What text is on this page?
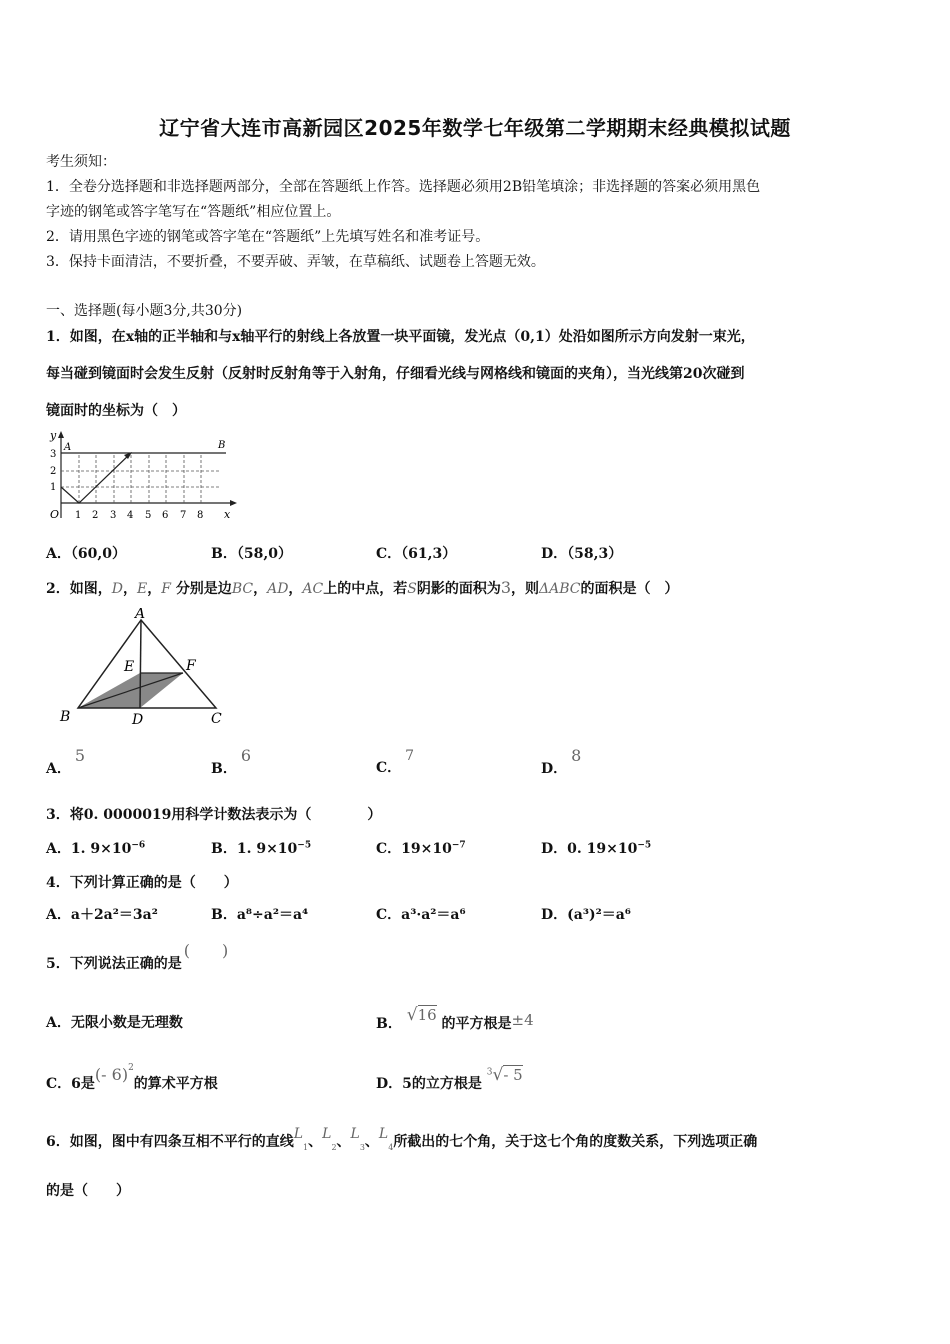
辽宁省大连市高新园区2025年数学七年级第二学期期末经典模拟试题
考生须知：
1．全卷分选择题和非选择题两部分，全部在答题纸上作答。选择题必须用2B铅笔填涂；非选择题的答案必须用黑色
字迹的钢笔或答字笔写在“答题纸”相应位置上。
2．请用黑色字迹的钢笔或答字笔在“答题纸”上先填写姓名和准考证号。
3．保持卡面清洁，不要折叠，不要弄破、弄皱，在草稿纸、试题卷上答题无效。
一、选择题(每小题3分,共30分)
1．如图，在x轴的正半轴和与x轴平行的射线上各放置一块平面镜，发光点（0,1）处沿如图所示方向发射一束光，
每当碰到镜面时会发生反射（反射时反射角等于入射角，仔细看光线与网格线和镜面的夹角），当光线第20次碰到
镜面时的坐标为（　）
y
A	B
3
2
1
O 1 2 3 4 5 6 7 8 x
A．（60,0）	B．（58,0）	C．（61,3）	D．（58,3）
2．如图，D，E，F 分别是边BC，AD，AC上的中点，若S阴影的面积为3，则ΔABC的面积是（　）
A
B	C
D
E	F
A．5
B．6
C．7
D．8
3．将0. 0000019用科学计数法表示为（　　　　）
A．1. $9\times 10^{-6}$	B．1. $9\times 10^{-5}$	C．$19\times 10^{-7}$	D．0. $19\times 10^{-5}$
4．下列计算正确的是（　　）
A．a＋2a²＝3a²	B．a⁸÷a²＝a⁴	C．a³·a²＝a⁶	D．(a³)²＝a⁶
5．下列说法正确的是(　　)
A．无限小数是无理数	B． √16 的平方根是±4
C．6是(- 6)$^2$的算术平方根	D．5的立方根是 $^3$√- 5
6．如图，图中有四条互相不平行的直线$L_1$、$L_2$、$L_3$、$L_4$所截出的七个角，关于这七个角的度数关系，下列选项正确
的是（　　）
